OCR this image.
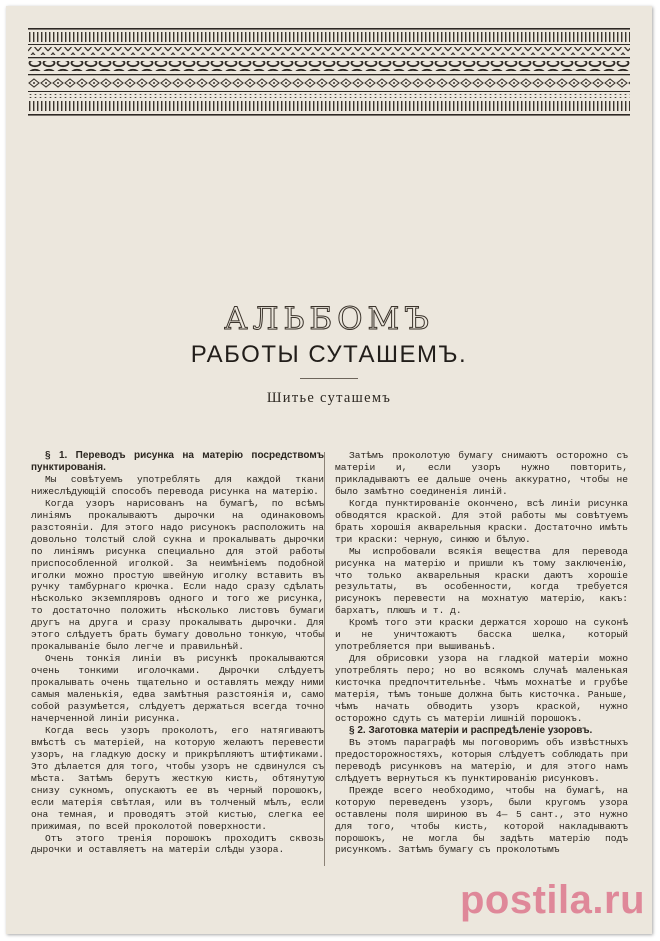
АЛЬБОМЪ
РАБОТЫ СУТАШЕМЪ.
Шитье суташемъ

§ 1. Переводъ рисунка на матерію посредствомъ пунктированія.

Мы совѣтуемъ употреблять для каждой ткани нижеслѣдующій способъ перевода рисунка на матерію.

Когда узоръ нарисованъ на бумагѣ, по всѣмъ линіямъ прокалываютъ дырочки на одинаковомъ разстояніи. Для этого надо рисунокъ расположить на довольно толстый слой сукна и прокалывать дырочки по линіямъ рисунка специально для этой работы приспособленной иголкой. За неимѣніемъ подобной иголки можно простую швейную иголку вставить въ ручку тамбурнаго крючка. Если надо сразу сдѣлать нѣсколько экземпляровъ одного и того же рисунка, то достаточно положить нѣсколько листовъ бумаги другъ на друга и сразу прокалывать дырочки. Для этого слѣдуетъ брать бумагу довольно тонкую, чтобы прокалываніе было легче и правильнѣй.

Очень тонкія линіи въ рисункѣ прокалываются очень тонкими иголочками. Дырочки слѣдуетъ прокалывать очень тщательно и оставлять между ними самыя маленькія, едва замѣтныя разстоянія и, само собой разумѣется, слѣдуетъ держаться всегда точно начерченной линіи рисунка.

Когда весь узоръ проколотъ, его натягиваютъ вмѣстѣ съ матеріей, на которую желаютъ перевести узоръ, на гладкую доску и прикрѣпляютъ штифтиками. Это дѣлается для того, чтобы узоръ не сдвинулся съ мѣста. Затѣмъ берутъ жесткую кисть, обтянутую снизу сукномъ, опускаютъ ее въ черный порошокъ, если матерія свѣтлая, или въ толченый мѣлъ, если она темная, и проводятъ этой кистью, слегка ее прижимая, по всей проколотой поверхности.

Отъ этого тренія порошокъ проходитъ сквозь дырочки и оставляетъ на матеріи слѣды узора.

Затѣмъ проколотую бумагу снимаютъ осторожно съ матеріи и, если узоръ нужно повторить, прикладываютъ ее дальше очень аккуратно, чтобы не было замѣтно соединенія линій.

Когда пунктированіе окончено, всѣ линіи рисунка обводятся краской. Для этой работы мы совѣтуемъ брать хорошія акварельныя краски. Достаточно имѣть три краски: черную, синюю и бѣлую.

Мы испробовали всякія вещества для перевода рисунка на матерію и пришли къ тому заключенію, что только акварельныя краски даютъ хорошіе результаты, въ особенности, когда требуется рисунокъ перевести на мохнатую матерію, какъ: бархатъ, плюшъ и т. д.

Кромѣ того эти краски держатся хорошо на суконѣ и не уничтожаютъ басска шелка, который употребляется при вышиваньѣ.

Для обрисовки узора на гладкой матеріи можно употреблять перо; но во всякомъ случаѣ маленькая кисточка предпочтительнѣе. Чѣмъ мохнатѣе и грубѣе матерія, тѣмъ тоньше должна быть кисточка. Раньше, чѣмъ начать обводить узоръ краской, нужно осторожно сдуть съ матеріи лишній порошокъ.

§ 2. Заготовка матеріи и распредѣленіе узоровъ.

Въ этомъ параграфѣ мы поговоримъ объ извѣстныхъ предосторожностяхъ, которыя слѣдуетъ соблюдать при переводѣ рисунковъ на матерію, и для этого намъ слѣдуетъ вернуться къ пунктированію рисунковъ.

Прежде всего необходимо, чтобы на бумагѣ, на которую переведенъ узоръ, были кругомъ узора оставлены поля шириною въ 4— 5 сант., это нужно для того, чтобы кисть, которой накладываютъ порошокъ, не могла бы задѣть матерію подъ рисункомъ. Затѣмъ бумагу съ проколотымъ

postila.ru
